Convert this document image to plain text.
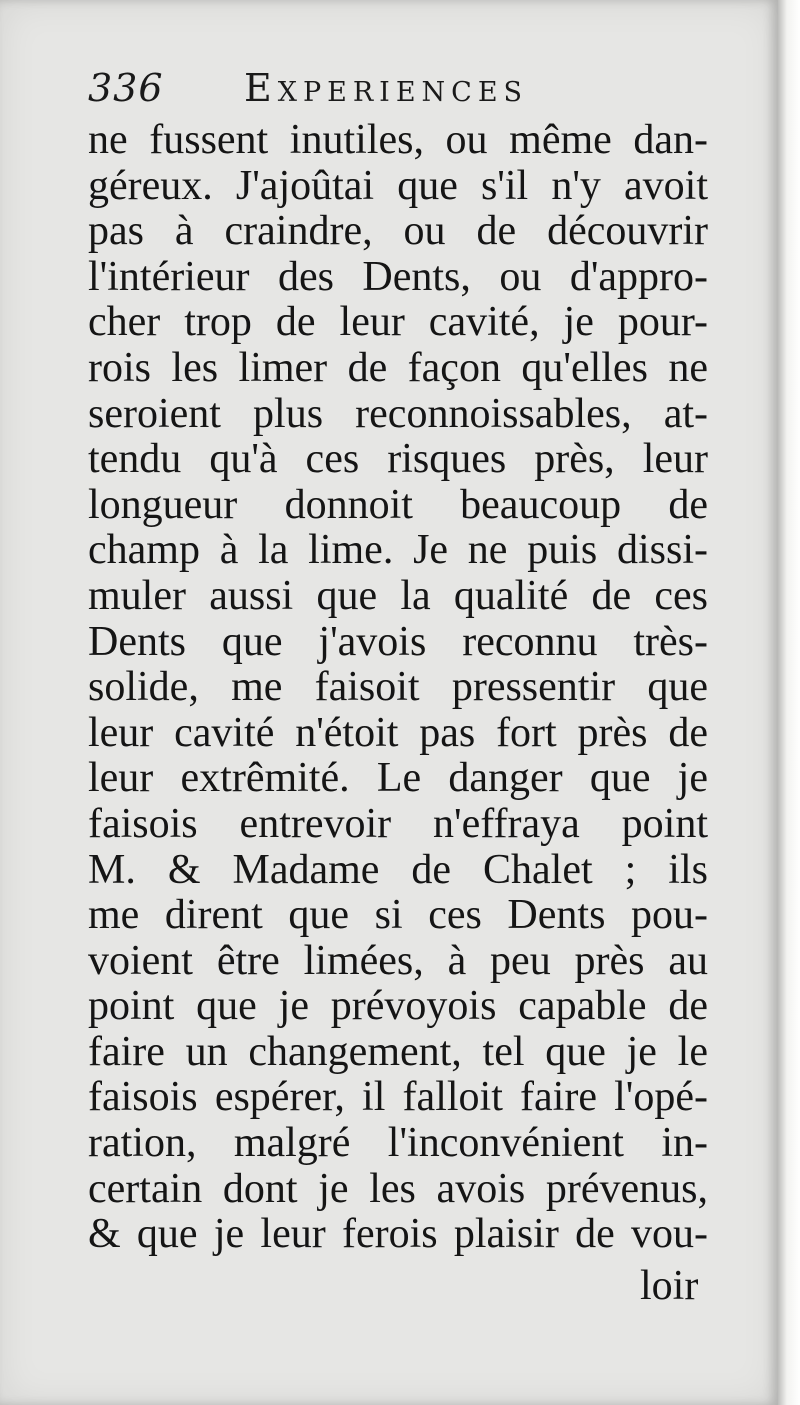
336 Experiences
ne fussent inutiles, ou même dan-
géreux. J'ajoûtai que s'il n'y avoit
pas à craindre, ou de découvrir
l'intérieur des Dents, ou d'appro-
cher trop de leur cavité, je pour-
rois les limer de façon qu'elles ne
seroient plus reconnoissables, at-
tendu qu'à ces risques près, leur
longueur donnoit beaucoup de
champ à la lime. Je ne puis dissi-
muler aussi que la qualité de ces
Dents que j'avois reconnu très-
solide, me faisoit pressentir que
leur cavité n'étoit pas fort près de
leur extrêmité. Le danger que je
faisois entrevoir n'effraya point
M. & Madame de Chalet ; ils
me dirent que si ces Dents pou-
voient être limées, à peu près au
point que je prévoyois capable de
faire un changement, tel que je le
faisois espérer, il falloit faire l'opé-
ration, malgré l'inconvénient in-
certain dont je les avois prévenus,
& que je leur ferois plaisir de vou-
loir
